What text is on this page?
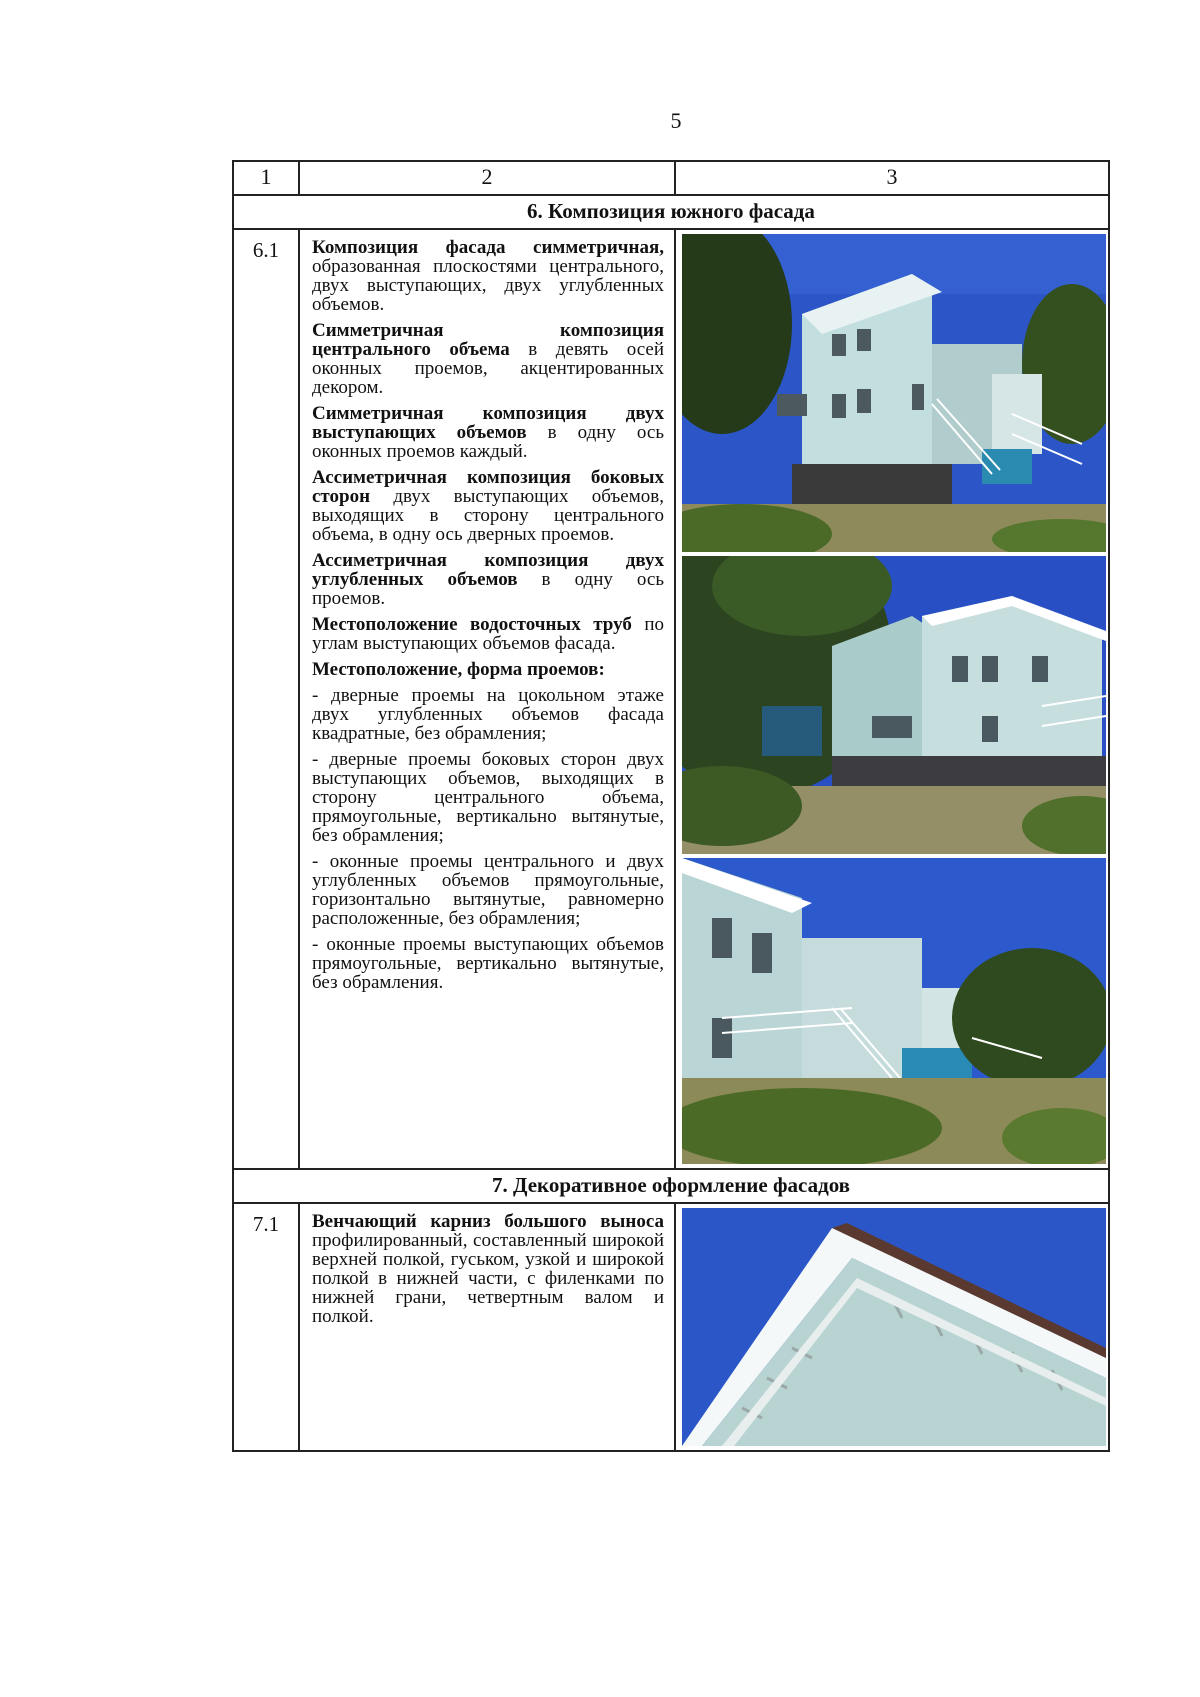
5
1	2	3
6. Композиция южного фасада
6.1	Композиция фасада симметричная, образованная плоскостями центрального, двух выступающих, двух углубленных объемов.

Симметричная композиция центрального объема в девять осей оконных проемов, акцентированных декором.

Симметричная композиция двух выступающих объемов в одну ось оконных проемов каждый.

Ассиметричная композиция боковых сторон двух выступающих объемов, выходящих в сторону центрального объема, в одну ось дверных проемов.

Ассиметричная композиция двух углубленных объемов в одну ось проемов.

Местоположение водосточных труб по углам выступающих объемов фасада.

Местоположение, форма проемов:

- дверные проемы на цокольном этаже двух углубленных объемов фасада квадратные, без обрамления;

- дверные проемы боковых сторон двух выступающих объемов, выходящих в сторону центрального объема, прямоугольные, вертикально вытянутые, без обрамления;

- оконные проемы центрального и двух углубленных объемов прямоугольные, горизонтально вытянутые, равномерно расположенные, без обрамления;

- оконные проемы выступающих объемов прямоугольные, вертикально вытянутые, без обрамления.

7. Декоративное оформление фасадов
7.1	Венчающий карниз большого выноса профилированный, составленный широкой верхней полкой, гуськом, узкой и широкой полкой в нижней части, с филенками по нижней грани, четвертным валом и полкой.
